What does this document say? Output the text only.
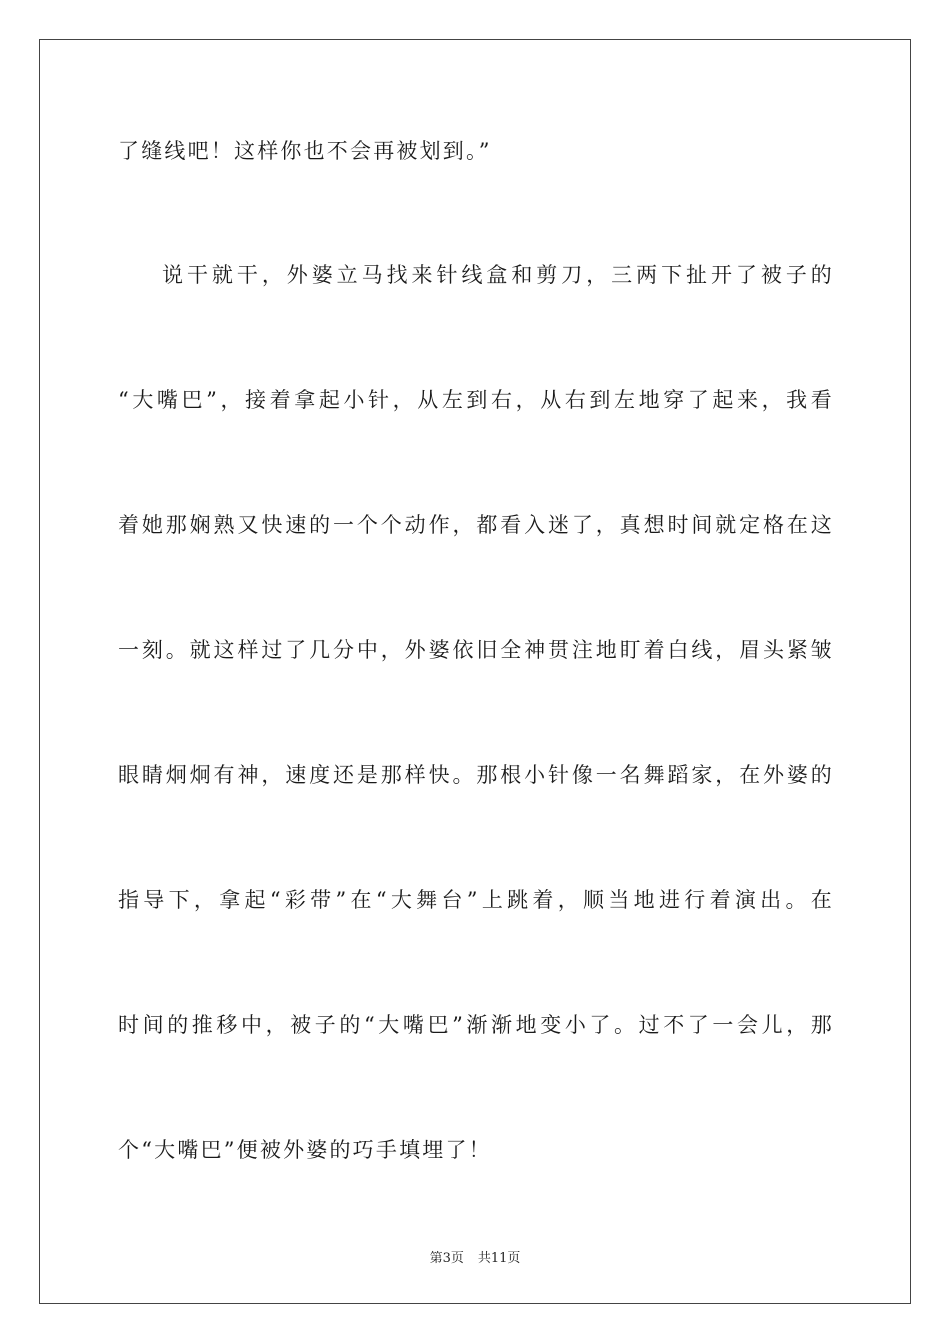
了缝线吧！这样你也不会再被划到。”

说干就干，外婆立马找来针线盒和剪刀，三两下扯开了被子的

“大嘴巴”，接着拿起小针，从左到右，从右到左地穿了起来，我看

着她那娴熟又快速的一个个动作，都看入迷了，真想时间就定格在这

一刻。就这样过了几分中，外婆依旧全神贯注地盯着白线，眉头紧皱

眼睛炯炯有神，速度还是那样快。那根小针像一名舞蹈家，在外婆的

指导下，拿起“彩带”在“大舞台”上跳着，顺当地进行着演出。在

时间的推移中，被子的“大嘴巴”渐渐地变小了。过不了一会儿，那

个“大嘴巴”便被外婆的巧手填埋了！

第3页 共11页
